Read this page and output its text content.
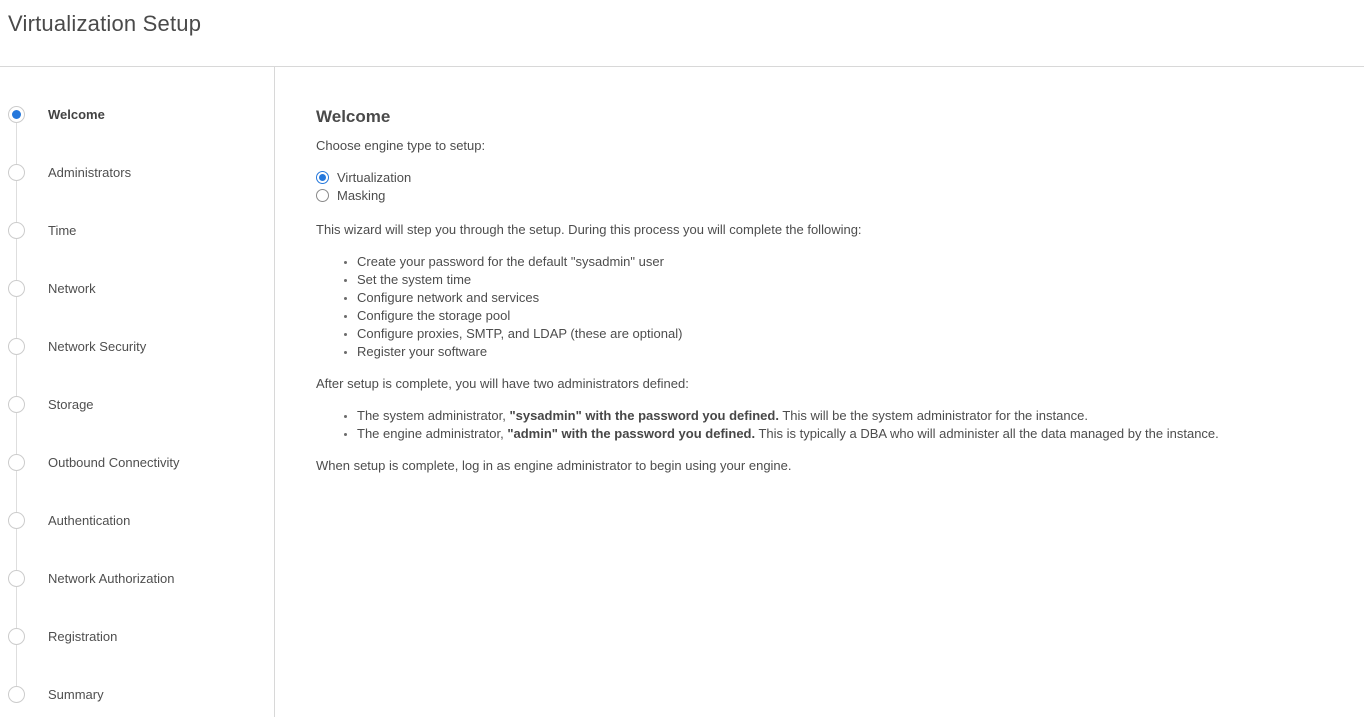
Virtualization Setup
Welcome
Administrators
Time
Network
Network Security
Storage
Outbound Connectivity
Authentication
Network Authorization
Registration
Summary
Welcome
Choose engine type to setup:
Virtualization
Masking
This wizard will step you through the setup. During this process you will complete the following:
Create your password for the default "sysadmin" user
Set the system time
Configure network and services
Configure the storage pool
Configure proxies, SMTP, and LDAP (these are optional)
Register your software
After setup is complete, you will have two administrators defined:
The system administrator, "sysadmin" with the password you defined. This will be the system administrator for the instance.
The engine administrator, "admin" with the password you defined. This is typically a DBA who will administer all the data managed by the instance.
When setup is complete, log in as engine administrator to begin using your engine.
